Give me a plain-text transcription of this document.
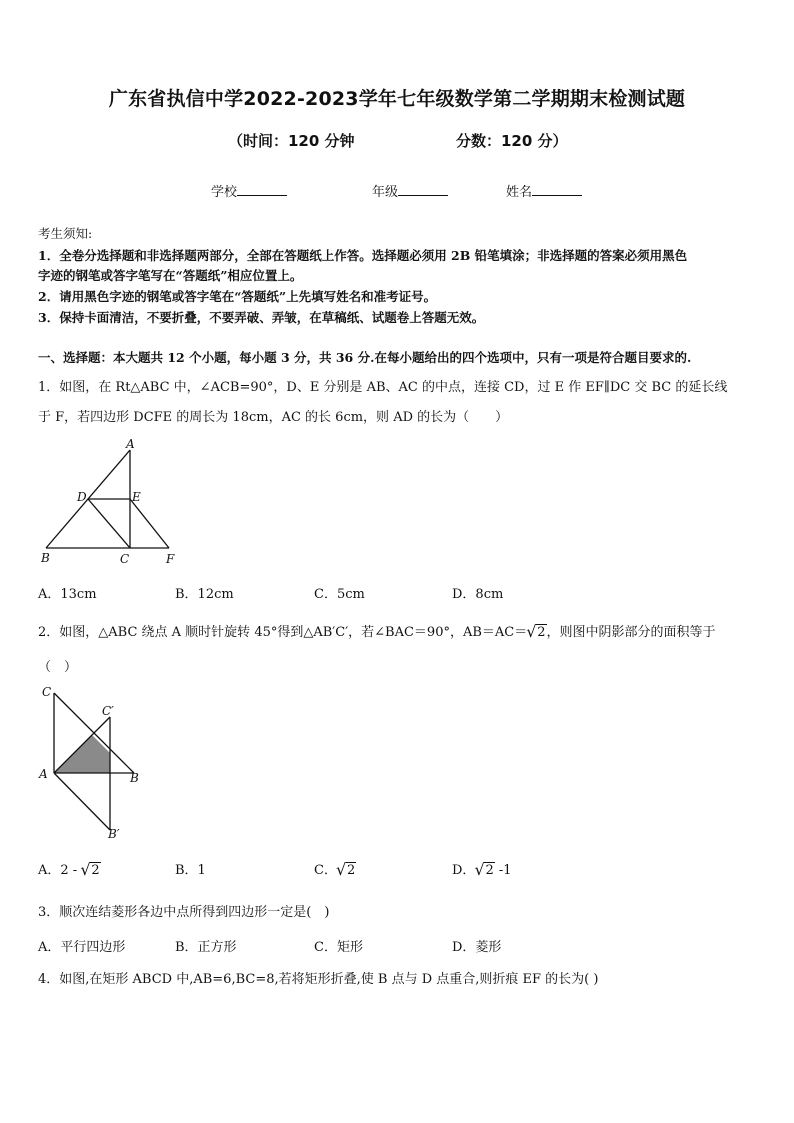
广东省执信中学2022-2023学年七年级数学第二学期期末检测试题
（时间：120 分钟	分数：120 分）
学校	年级	姓名
考生须知:
1．全卷分选择题和非选择题两部分，全部在答题纸上作答。选择题必须用 2B 铅笔填涂；非选择题的答案必须用黑色
字迹的钢笔或答字笔写在“答题纸”相应位置上。
2．请用黑色字迹的钢笔或答字笔在“答题纸”上先填写姓名和准考证号。
3．保持卡面清洁，不要折叠，不要弄破、弄皱，在草稿纸、试题卷上答题无效。
一、选择题：本大题共 12 个小题，每小题 3 分，共 36 分.在每小题给出的四个选项中，只有一项是符合题目要求的.
1．如图，在 Rt△ABC 中，∠ACB=90°，D、E 分别是 AB、AC 的中点，连接 CD，过 E 作 EF∥DC 交 BC 的延长线
于 F，若四边形 DCFE 的周长为 18cm，AC 的长 6cm，则 AD 的长为（　　）
A
D	E
B	C	F
A．13cm	B．12cm	C．5cm	D．8cm
2．如图，△ABC 绕点 A 顺时针旋转 45°得到△AB′C′，若∠BAC＝90°，AB＝AC＝ √ 2，则图中阴影部分的面积等于
（　）
C
C′
A	B
B′
A．2 - √ 2	B．1	C． √ 2	D． √ 2 -1
3．顺次连结菱形各边中点所得到四边形一定是(　)
A．平行四边形	B．正方形	C．矩形	D．菱形
4．如图,在矩形 ABCD 中,AB=6,BC=8,若将矩形折叠,使 B 点与 D 点重合,则折痕 EF 的长为( )
